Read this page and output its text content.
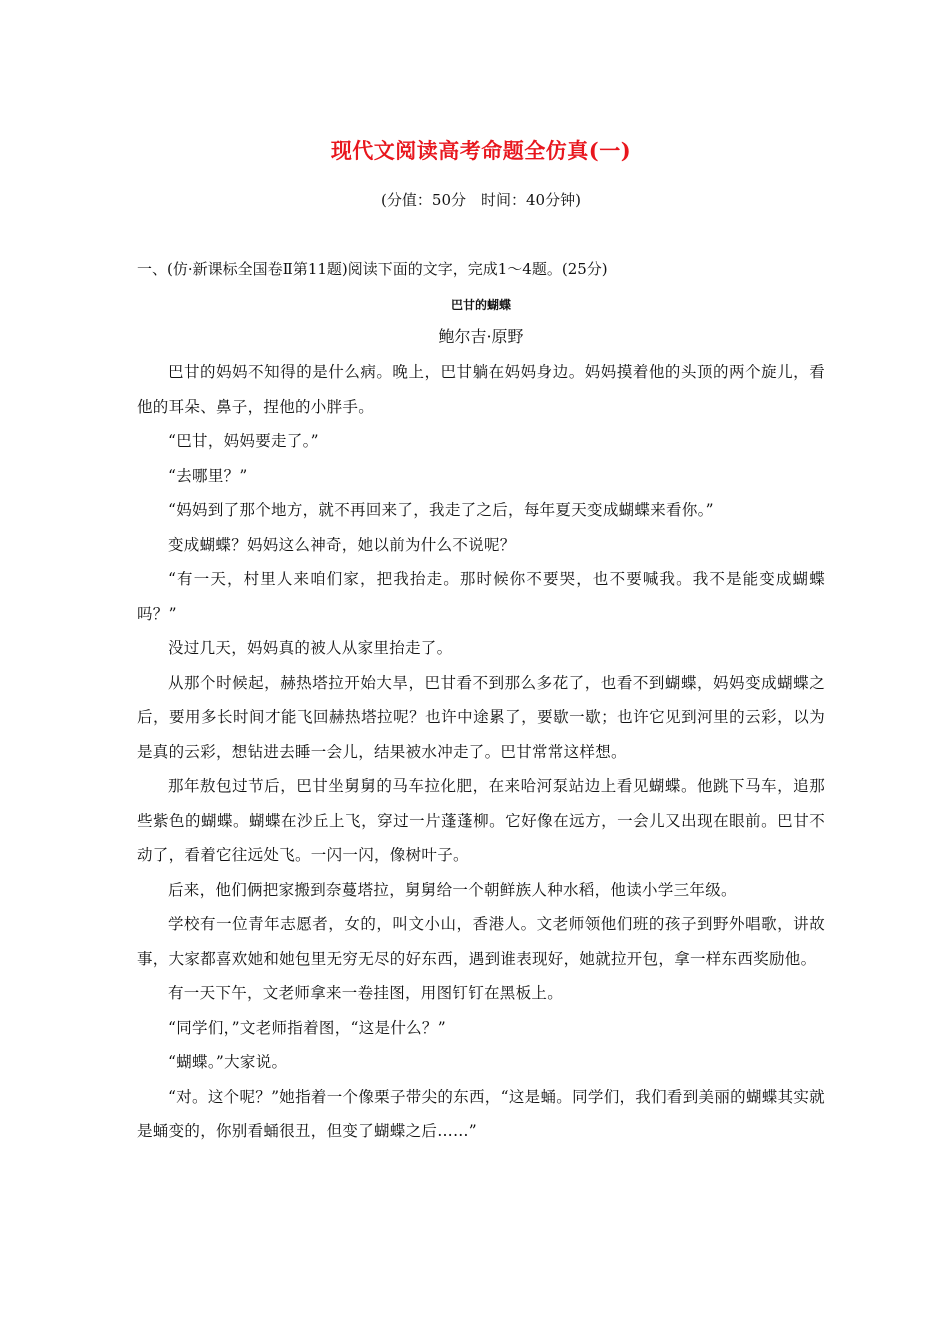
现代文阅读高考命题全仿真(一)

(分值：50分　时间：40分钟)

一、(仿·新课标全国卷Ⅱ第11题)阅读下面的文字，完成1～4题。(25分)

巴甘的蝴蝶

鲍尔吉·原野

巴甘的妈妈不知得的是什么病。晚上，巴甘躺在妈妈身边。妈妈摸着他的头顶的两个旋儿，看他的耳朵、鼻子，捏他的小胖手。

“巴甘，妈妈要走了。”

“去哪里？”

“妈妈到了那个地方，就不再回来了，我走了之后，每年夏天变成蝴蝶来看你。”

变成蝴蝶？妈妈这么神奇，她以前为什么不说呢？

“有一天，村里人来咱们家，把我抬走。那时候你不要哭，也不要喊我。我不是能变成蝴蝶吗？”

没过几天，妈妈真的被人从家里抬走了。

从那个时候起，赫热塔拉开始大旱，巴甘看不到那么多花了，也看不到蝴蝶，妈妈变成蝴蝶之后，要用多长时间才能飞回赫热塔拉呢？也许中途累了，要歇一歇；也许它见到河里的云彩，以为是真的云彩，想钻进去睡一会儿，结果被水冲走了。巴甘常常这样想。

那年敖包过节后，巴甘坐舅舅的马车拉化肥，在来哈河泵站边上看见蝴蝶。他跳下马车，追那些紫色的蝴蝶。蝴蝶在沙丘上飞，穿过一片蓬蓬柳。它好像在远方，一会儿又出现在眼前。巴甘不动了，看着它往远处飞。一闪一闪，像树叶子。

后来，他们俩把家搬到奈蔓塔拉，舅舅给一个朝鲜族人种水稻，他读小学三年级。

学校有一位青年志愿者，女的，叫文小山，香港人。文老师领他们班的孩子到野外唱歌，讲故事，大家都喜欢她和她包里无穷无尽的好东西，遇到谁表现好，她就拉开包，拿一样东西奖励他。

有一天下午，文老师拿来一卷挂图，用图钉钉在黑板上。

“同学们，”文老师指着图，“这是什么？”

“蝴蝶。”大家说。

“对。这个呢？”她指着一个像栗子带尖的东西，“这是蛹。同学们，我们看到美丽的蝴蝶其实就是蛹变的，你别看蛹很丑，但变了蝴蝶之后……”
